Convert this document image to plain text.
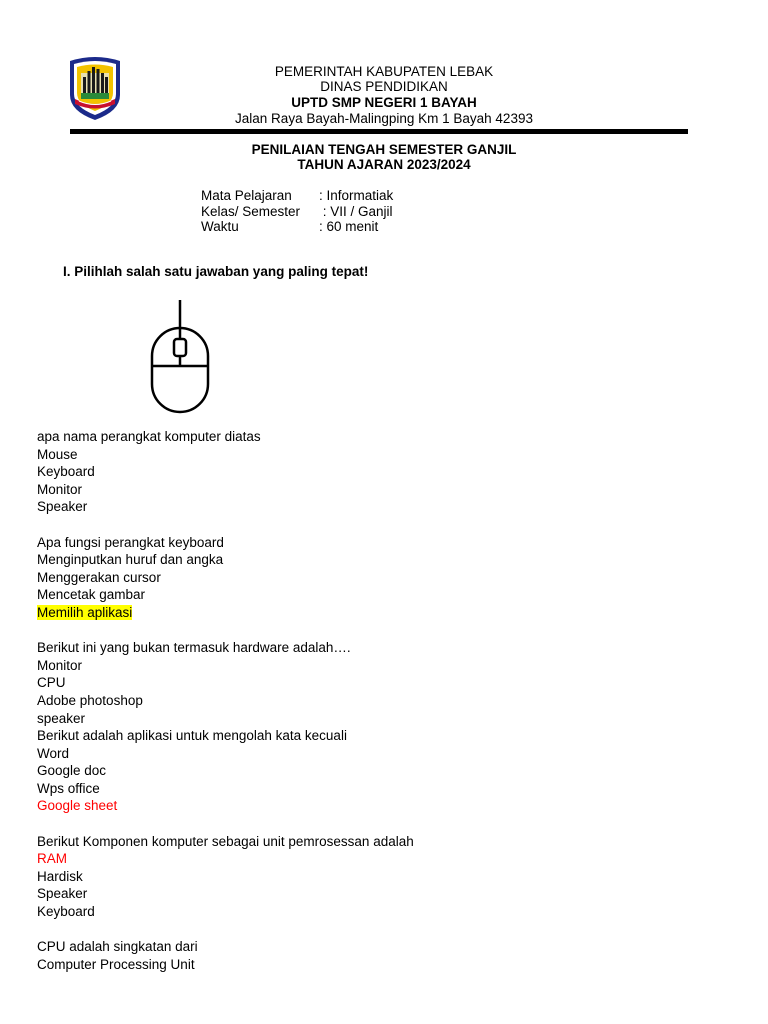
PEMERINTAH KABUPATEN LEBAK
DINAS PENDIDIKAN
UPTD SMP NEGERI 1 BAYAH
Jalan Raya Bayah-Malingping Km 1 Bayah 42393
PENILAIAN TENGAH SEMESTER GANJIL
TAHUN AJARAN 2023/2024
Mata Pelajaran : Informatiak
Kelas/ Semester : VII / Ganjil
Waktu	: 60 menit
I. Pilihlah salah satu jawaban yang paling tepat!
apa nama perangkat komputer diatas
Mouse
Keyboard
Monitor
Speaker
Apa fungsi perangkat keyboard
Menginputkan huruf dan angka
Menggerakan cursor
Mencetak gambar
Memilih aplikasi
Berikut ini yang bukan termasuk hardware adalah….
Monitor
CPU
Adobe photoshop
speaker
Berikut adalah aplikasi untuk mengolah kata kecuali
Word
Google doc
Wps office
Google sheet
Berikut Komponen komputer sebagai unit pemrosessan adalah
RAM
Hardisk
Speaker
Keyboard
CPU adalah singkatan dari
Computer Processing Unit
